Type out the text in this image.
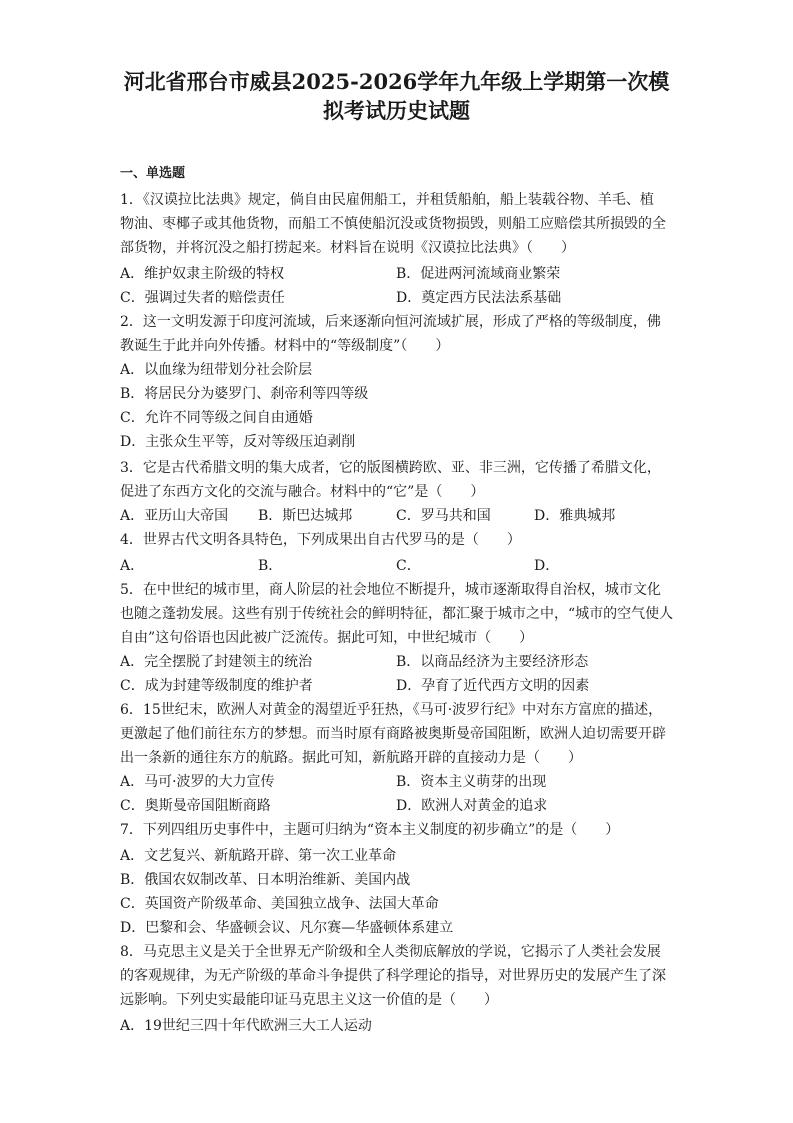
河北省邢台市威县2025-2026学年九年级上学期第一次模
拟考试历史试题

一、单选题

1．《汉谟拉比法典》规定，倘自由民雇佣船工，并租赁船舶，船上装载谷物、羊毛、植

物油、枣椰子或其他货物，而船工不慎使船沉没或货物损毁，则船工应赔偿其所损毁的全

部货物，并将沉没之船打捞起来。材料旨在说明《汉谟拉比法典》（　　）

A．维护奴隶主阶级的特权	B．促进两河流域商业繁荣
C．强调过失者的赔偿责任	D．奠定西方民法法系基础

2．这一文明发源于印度河流域，后来逐渐向恒河流域扩展，形成了严格的等级制度，佛

教诞生于此并向外传播。材料中的“等级制度”（　　）

A．以血缘为纽带划分社会阶层
B．将居民分为婆罗门、刹帝利等四等级
C．允许不同等级之间自由通婚
D．主张众生平等，反对等级压迫剥削

3．它是古代希腊文明的集大成者，它的版图横跨欧、亚、非三洲，它传播了希腊文化，

促进了东西方文化的交流与融合。材料中的“它”是（　　）

A．亚历山大帝国 B．斯巴达城邦	C．罗马共和国	D．雅典城邦

4．世界古代文明各具特色，下列成果出自古代罗马的是（　　）

A．	B．	C．	D．

5．在中世纪的城市里，商人阶层的社会地位不断提升，城市逐渐取得自治权，城市文化

也随之蓬勃发展。这些有别于传统社会的鲜明特征，都汇聚于城市之中，“城市的空气使人

自由”这句俗语也因此被广泛流传。据此可知，中世纪城市（　　）

A．完全摆脱了封建领主的统治	B．以商品经济为主要经济形态
C．成为封建等级制度的维护者	D．孕育了近代西方文明的因素

6．15世纪末，欧洲人对黄金的渴望近乎狂热，《马可·波罗行纪》中对东方富庶的描述，

更激起了他们前往东方的梦想。而当时原有商路被奥斯曼帝国阻断，欧洲人迫切需要开辟

出一条新的通往东方的航路。据此可知，新航路开辟的直接动力是（　　）

A．马可·波罗的大力宣传	B．资本主义萌芽的出现
C．奥斯曼帝国阻断商路	D．欧洲人对黄金的追求

7．下列四组历史事件中，主题可归纳为“资本主义制度的初步确立”的是（　　）

A．文艺复兴、新航路开辟、第一次工业革命
B．俄国农奴制改革、日本明治维新、美国内战
C．英国资产阶级革命、美国独立战争、法国大革命
D．巴黎和会、华盛顿会议、凡尔赛—华盛顿体系建立

8．马克思主义是关于全世界无产阶级和全人类彻底解放的学说，它揭示了人类社会发展

的客观规律，为无产阶级的革命斗争提供了科学理论的指导，对世界历史的发展产生了深

远影响。下列史实最能印证马克思主义这一价值的是（　　）

A．19世纪三四十年代欧洲三大工人运动
